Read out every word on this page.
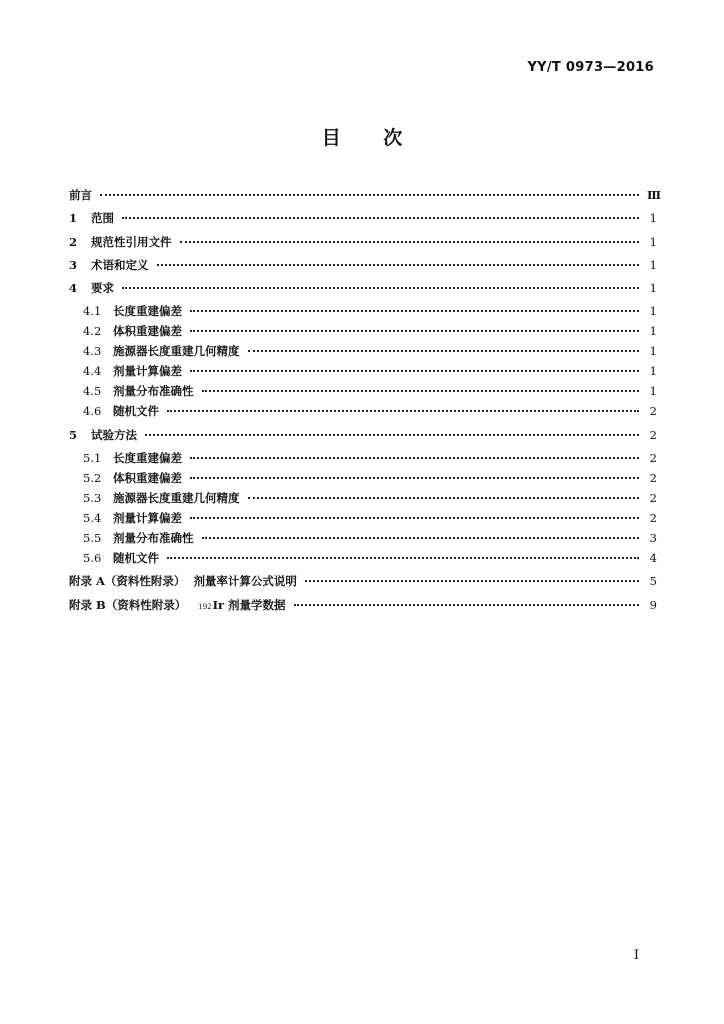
YY/T 0973—2016
目 次
前言	Ⅲ
1	范围	1
2	规范性引用文件	1
3	术语和定义	1
4	要求	1
4.1	长度重建偏差	1
4.2	体积重建偏差	1
4.3	施源器长度重建几何精度	1
4.4	剂量计算偏差	1
4.5	剂量分布准确性	1
4.6	随机文件	2
5	试验方法	2
5.1	长度重建偏差	2
5.2	体积重建偏差	2
5.3	施源器长度重建几何精度	2
5.4	剂量计算偏差	2
5.5	剂量分布准确性	3
5.6	随机文件	4
附录 A（资料性附录） 剂量率计算公式说明	5
附录 B（资料性附录） 192 Ir 剂量学数据	9
I
